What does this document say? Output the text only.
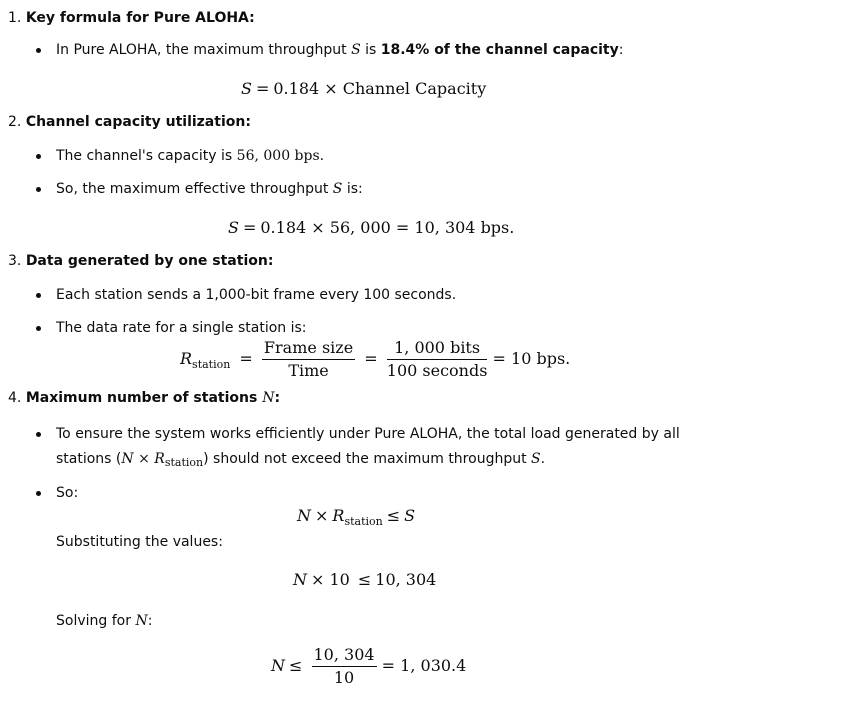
1. Key formula for Pure ALOHA:
In Pure ALOHA, the maximum throughput S is 18.4% of the channel capacity:
S = 0.184 × Channel Capacity
2. Channel capacity utilization:
The channel's capacity is 56, 000 bps.
So, the maximum effective throughput S is:
S = 0.184 × 56, 000 = 10, 304 bps.
3. Data generated by one station:
Each station sends a 1,000-bit frame every 100 seconds.
The data rate for a single station is:
$R_{station} = \frac{\text{Frame size}}{\text{Time}} = \frac{\text{1, 000 bits}}{\text{100 seconds}} = 10$ bps.
4. Maximum number of stations N:
To ensure the system works efficiently under Pure ALOHA, the total load generated by all
stations $(N \times R_{station})$ should not exceed the maximum throughput S.
So:
$N \times R_{station} \le S$
Substituting the values:
N × 10 ≤ 10, 304
Solving for N:
$N \le \frac{10, 304}{10} = 1$, 030.4
